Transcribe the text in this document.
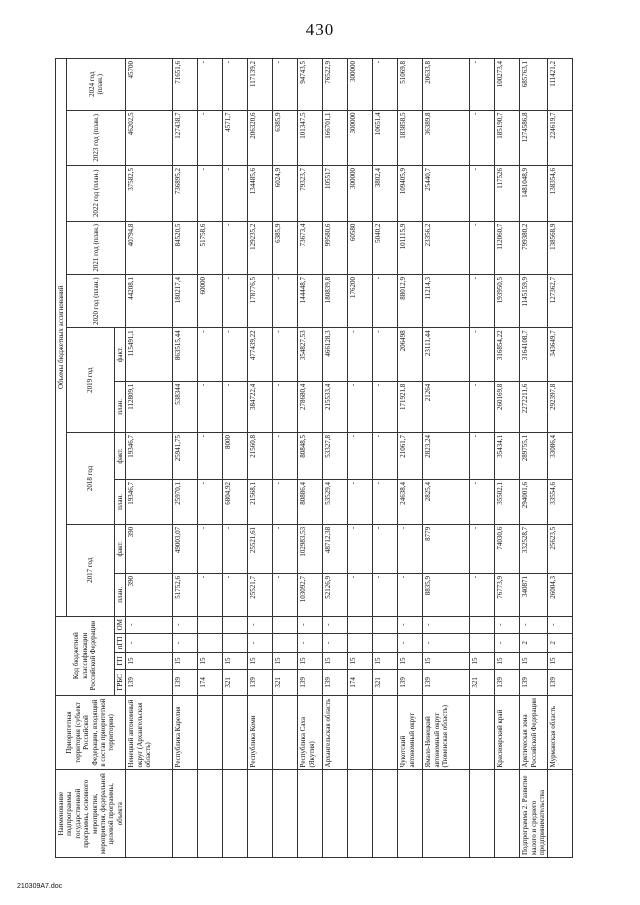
430
Наименование подпрограммы государственной программы, основного мероприятия, мероприятия, федеральной целевой программы, объекта	Приоритетная территория (субъект Российской Федерации, входящий в состав приоритетной территории)	Код бюджетной классификации Российской Федерации				Объемы бюджетных ассигнований										
						2017 год		2018 год		2019 год		2020 год (план.)	2021 год (план.)	2022 год (план.)	2023 год (план.)	2024 год (план.)
		ГРБС	ГП	пГП	ОМ	план.	факт.	план.	факт.	план.	факт.					
	Ненецкий автономный округ (Архангельская область)	139	15	-	-	390	390	19346,7	19346,7	112809,1	115491,1	44208,1	40794,8	37582,5	46202,5	45700
	Республика Карелия	139	15	-	-	51752,6	49003,07	25970,1	25941,75	538344	863515,44	180217,4	84520,5	736895,2	127438,7	71651,6
		174	15			-	-	-	-	-	-	60000	51758,6	-	-	-
		321	15			-	-	6804,92	8000	-	-	-	-	-	4571,7	-
	Республика Коми	139	15	-	-	25521,7	25521,61	21568,1	21560,8	384722,4	477439,22	178776,5	129235,2	134485,6	206320,6	117139,2
		321	15			-	-	-	-	-	-	-	6385,9	6024,9	6385,9	-
	Республика Саха (Якутия)	139	15	-	-	103092,7	102983,53	80886,4	80848,5	278680,4	354827,53	144448,7	73673,4	79323,7	101347,5	94743,5
	Архангельская область	139	15	-	-	52126,9	48712,38	53529,4	53327,8	215533,4	466128,3	180839,8	99580,6	105517	166701,1	76522,9
		174	15			-	-	-	-	-	-	176200	60580	300000	300000	300000
		321	15			-	-	-	-	-	-	-	5040,2	3802,4	10651,4	-
	Чукотский автономный округ	139	15	-	-	-	-	24638,4	21061,7	171921,8	206498	88012,9	101115,9	109405,9	183858,5	51069,8
	Ямало-Ненецкий автономный округ (Тюменская область)	139	15	-	-	8835,9	8779	2825,4	2823,24	21264	23111,44	11214,3	23356,2	25440,7	36389,8	20633,8
		321	15			-	-	-	-	-	-	-	-	-	-	-
	Красноярский край	139	15	-	-	76773,9	74030,6	35502,1	35434,1	260169,8	316854,22	193950,5	112060,7	117526	185190,7	100273,4
Подпрограмма 2. Развитие малого и среднего предпринимательства	Арктическая зона Российской Федерации	139	15	2	-	340871	332528,7	294001,6	289755,1	2272211,6	3164108,7	1145159,9	799380,2	1481048,9	1274586,8	685763,1
	Мурманская область	139	15	2	-	26004,3	25623,5	33554,6	33086,4	292397,8	343649,7	127362,7	138568,9	138354,6	224619,7	111421,2
210309A7.doc
